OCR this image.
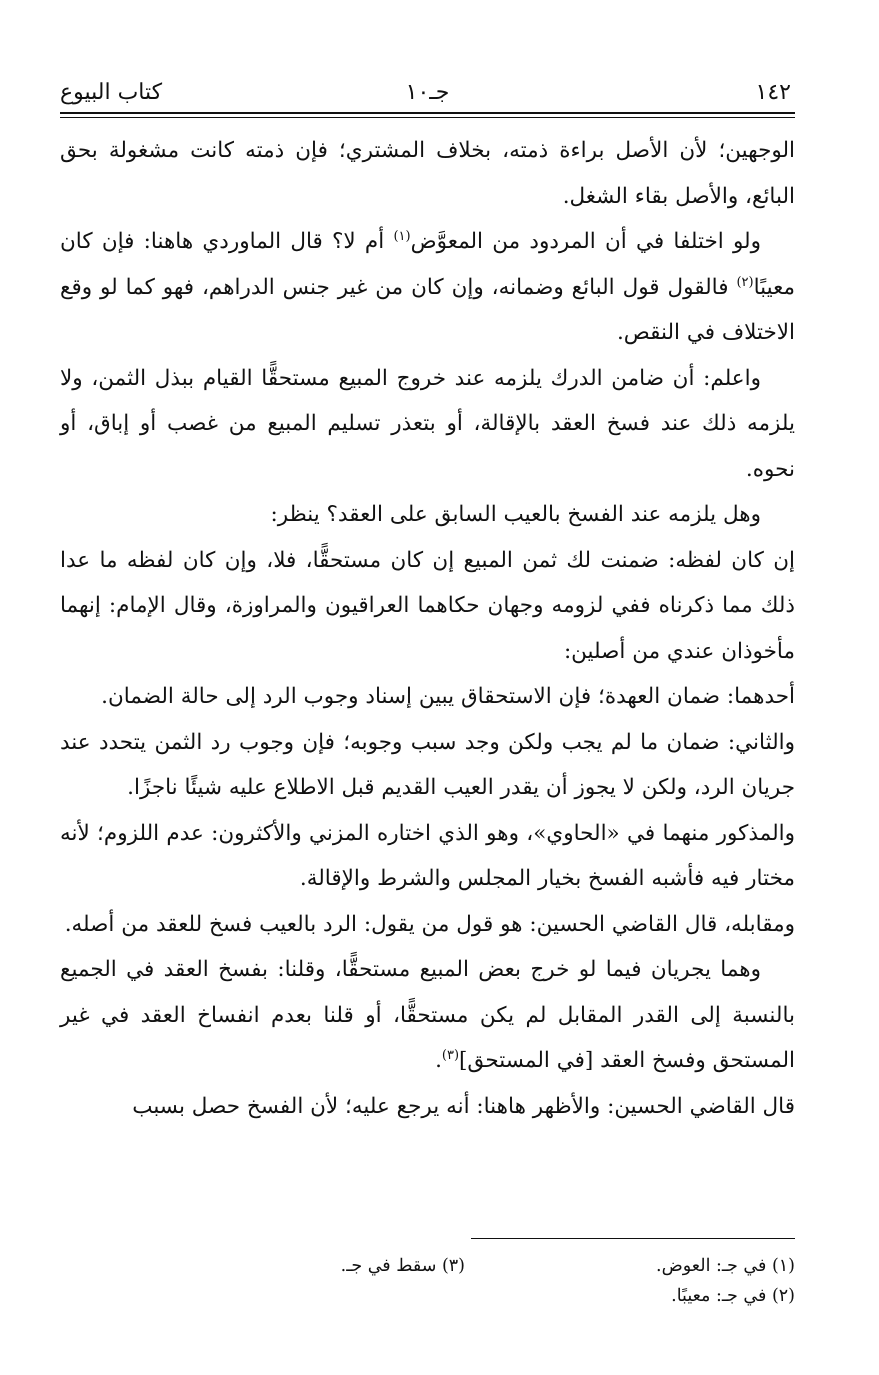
١٤٢
جـ١٠
كتاب البيوع

الوجهين؛ لأن الأصل براءة ذمته، بخلاف المشتري؛ فإن ذمته كانت مشغولة بحق البائع، والأصل بقاء الشغل.

ولو اختلفا في أن المردود من المعوَّض$^{(١)}$ أم لا؟ قال الماوردي هاهنا: فإن كان معيبًا$^{(٢)}$ فالقول قول البائع وضمانه، وإن كان من غير جنس الدراهم، فهو كما لو وقع الاختلاف في النقص.

واعلم: أن ضامن الدرك يلزمه عند خروج المبيع مستحقًّا القيام ببذل الثمن، ولا يلزمه ذلك عند فسخ العقد بالإقالة، أو بتعذر تسليم المبيع من غصب أو إباق، أو نحوه.

وهل يلزمه عند الفسخ بالعيب السابق على العقد؟ ينظر:

إن كان لفظه: ضمنت لك ثمن المبيع إن كان مستحقًّا، فلا، وإن كان لفظه ما عدا ذلك مما ذكرناه ففي لزومه وجهان حكاهما العراقيون والمراوزة، وقال الإمام: إنهما مأخوذان عندي من أصلين:

أحدهما: ضمان العهدة؛ فإن الاستحقاق يبين إسناد وجوب الرد إلى حالة الضمان.

والثاني: ضمان ما لم يجب ولكن وجد سبب وجوبه؛ فإن وجوب رد الثمن يتحدد عند جريان الرد، ولكن لا يجوز أن يقدر العيب القديم قبل الاطلاع عليه شيئًا ناجزًا.

والمذكور منهما في «الحاوي»، وهو الذي اختاره المزني والأكثرون: عدم اللزوم؛ لأنه مختار فيه فأشبه الفسخ بخيار المجلس والشرط والإقالة.

ومقابله، قال القاضي الحسين: هو قول من يقول: الرد بالعيب فسخ للعقد من أصله.

وهما يجريان فيما لو خرج بعض المبيع مستحقًّا، وقلنا: بفسخ العقد في الجميع بالنسبة إلى القدر المقابل لم يكن مستحقًّا، أو قلنا بعدم انفساخ العقد في غير المستحق وفسخ العقد [في المستحق]$^{(٣)}$.

قال القاضي الحسين: والأظهر هاهنا: أنه يرجع عليه؛ لأن الفسخ حصل بسبب

(١) في جـ: العوض.
(٢) في جـ: معيبًا.
(٣) سقط في جـ.
